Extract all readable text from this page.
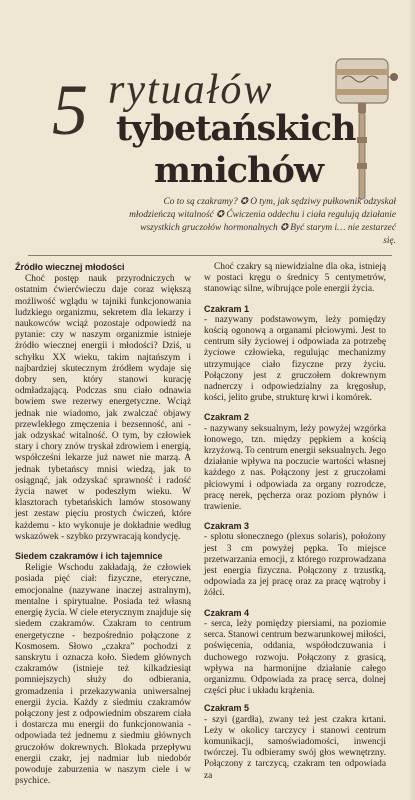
5 rytuałów
tybetańskich
mnichów
Co to są czakramy? ✪ O tym, jak sędziwy pułkownik odzyskał młodzieńczą witalność ✪ Ćwiczenia oddechu i ciała regulują działanie wszystkich gruczołów hormonalnych ✪ Być starym i… nie zestarzeć się.

Źródło wiecznej młodości

Choć postęp nauk przyrodniczych w ostatnim ćwierćwieczu daje coraz większą możliwość wglądu w tajniki funkcjonowania ludzkiego organizmu, sekretem dla lekarzy i naukowców wciąż pozostaje odpowiedź na pytanie: czy w naszym organizmie istnieje źródło wiecznej energii i młodości? Dziś, u schyłku XX wieku, takim najtańszym i najbardziej skutecznym źródłem wydaje się dobry sen, który stanowi kurację odmładzającą. Podczas snu ciało odnawia bowiem swe rezerwy energetyczne. Wciąż jednak nie wiadomo, jak zwalczać objawy przewlekłego zmęczenia i bezsenność, ani - jak odzyskać witalność. O tym, by człowiek stary i chory znów tryskał zdrowiem i energią, współcześni lekarze już nawet nie marzą. A jednak tybetańscy mnisi wiedzą, jak to osiągnąć, jak odzyskać sprawność i radość życia nawet w podeszłym wieku. W klasztorach tybetańskich lamów stosowany jest zestaw pięciu prostych ćwiczeń, które każdemu - kto wykonuje je dokładnie według wskazówek - szybko przywracają kondycję.

Siedem czakramów i ich tajemnice

Religie Wschodu zakładają, że człowiek posiada pięć ciał: fizyczne, eteryczne, emocjonalne (nazywane inaczej astralnym), mentalne i spirytualne. Posiada też własną energię życia. W ciele eterycznym znajduje się siedem czakramów. Czakram to centrum energetyczne - bezpośrednio połączone z Kosmosem. Słowo „czakra” pochodzi z sanskrytu i oznacza koło. Siedem głównych czakramów (istnieje też kilkadziesiąt pomniejszych) służy do odbierania, gromadzenia i przekazywania uniwersalnej energii życia. Każdy z siedmiu czakramów połączony jest z odpowiednim obszarem ciała i dostarcza mu energii do funkcjonowania - odpowiada też jednemu z siedmiu głównych gruczołów dokrewnych. Blokada przepływu energii czakr, jej nadmiar lub niedobór powoduje zaburzenia w naszym ciele i w psychice.

Choć czakry są niewidzialne dla oka, istnieją w postaci kręgu o średnicy 5 centymetrów, stanowiąc silne, wibrujące pole energii życia.

Czakram 1

- nazywany podstawowym, leży pomiędzy kością ogonową a organami płciowymi. Jest to centrum siły życiowej i odpowiada za potrzebę życiowe człowieka, regulując mechanizmy utrzymujące ciało fizyczne przy życiu. Połączony jest z gruczołem dokrewnym nadnerczy i odpowiedzialny za kręgosłup, kości, jelito grube, strukturę krwi i komórek.

Czakram 2

- nazywany seksualnym, leży powyżej wzgórka łonowego, tzn. między pępkiem a kością krzyżową. To centrum energii seksualnych. Jego działanie wpływa na poczucie wartości własnej każdego z nas. Połączony jest z gruczołami płciowymi i odpowiada za organy rozrodcze, pracę nerek, pęcherza oraz poziom płynów i trawienie.

Czakram 3

- splotu słonecznego (plexus solaris), położony jest 3 cm powyżej pępka. To miejsce przetwarzania emocji, z którego rozprowadzana jest energia fizyczna. Połączony z trzustką, odpowiada za jej pracę oraz za pracę wątroby i żółci.

Czakram 4

- serca, leży pomiędzy piersiami, na poziomie serca. Stanowi centrum bezwarunkowej miłości, poświęcenia, oddania, współodczuwania i duchowego rozwoju. Połączony z grasicą, wpływa na harmonijne działanie całego organizmu. Odpowiada za pracę serca, dolnej części płuc i układu krążenia.

Czakram 5

- szyi (gardła), zwany też jest czakra krtani. Leży w okolicy tarczycy i stanowi centrum komunikacji, samoświadomości, inwencji twórczej. Tu odbieramy swój głos wewnętrzny. Połączony z tarczycą, czakram ten odpowiada za
